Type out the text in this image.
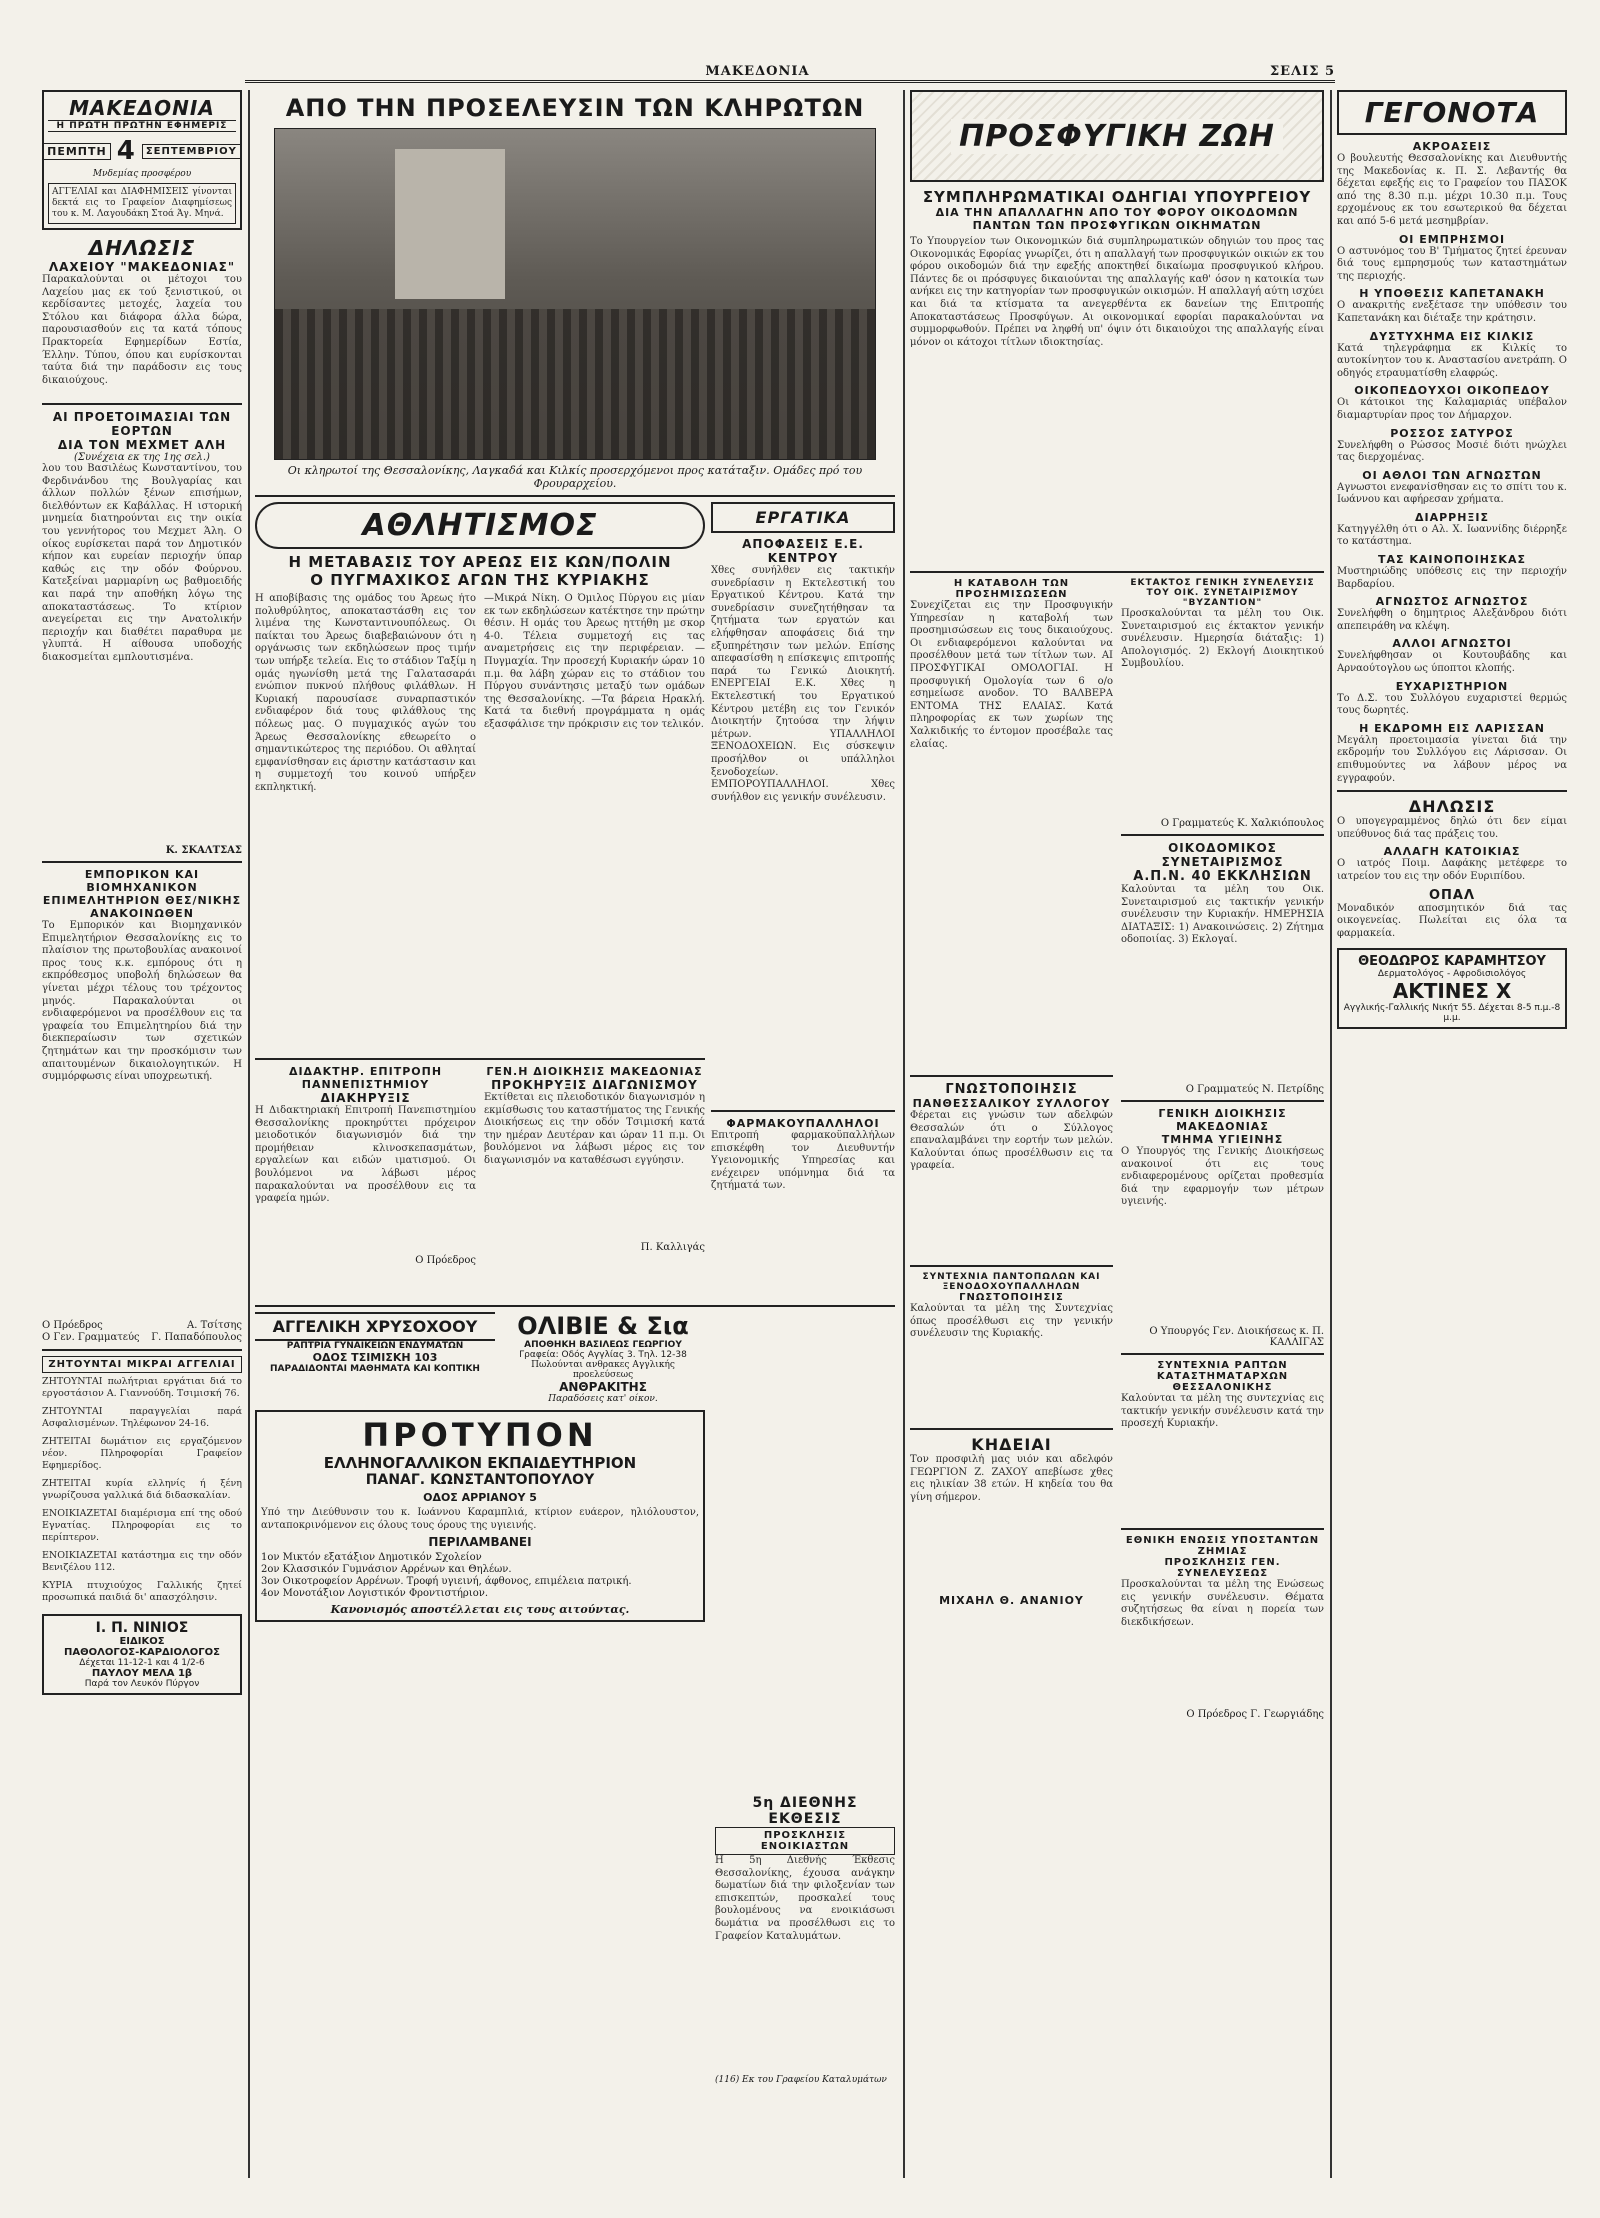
ΜΑΚΕΔΟΝΙΑ	ΣΕΛΙΣ 5
ΜΑΚΕΔΟΝΙΑ
Η ΠΡΩΤΗ ΠΡΩΤΗΝ ΕΦΗΜΕΡΙΣ
ΠΕΜΠΤΗ 4	ΣΕΠΤΕΜΒΡΙΟΥ
Μνδεμίας προσφέρου
ΑΓΓΕΛΙΑΙ και ΔΙΑΦΗΜΙΣΕΙΣ γίνονται δεκτά εις το Γραφείον Διαφημίσεως του κ. Μ. Λαγουδάκη Στοά Άγ. Μηνά.
ΔΗΛΩΣΙΣ
ΛΑΧΕΙΟΥ "ΜΑΚΕΔΟΝΙΑΣ"
Παρακαλούνται οι μέτοχοι του Λαχείου μας εκ τού ξενιστικού, οι κερδίσαντες μετοχές, λαχεία του Στόλου και διάφορα άλλα δώρα, παρουσιασθούν εις τα κατά τόπους Πρακτορεία Εφημερίδων Εστία, Έλλην. Τύπου, όπου και ευρίσκονται ταύτα διά την παράδοσιν εις τους δικαιούχους.
ΑΙ ΠΡΟΕΤΟΙΜΑΣΙΑΙ ΤΩΝ ΕΟΡΤΩΝ
ΔΙΑ ΤΟΝ ΜΕΧΜΕΤ ΑΛΗ
(Συνέχεια εκ της 1ης σελ.)
λου του Βασιλέως Κωνσταντίνου, του Φερδινάνδου της Βουλγαρίας και άλλων πολλών ξένων επισήμων, διελθόντων εκ Καβάλλας. Η ιστορική μνημεία διατηρούνται εις την οικία του γεννήτορος του Μεχμετ Άλη. Ο οίκος ευρίσκεται παρά τον Δημοτικόν κήπον και ευρείαν περιοχήν ύπαρ καθώς εις την οδόν Φούρνου. Κατεξείναι μαρμαρίνη ως βαθμοειδής και παρά την αποθήκη λόγω της αποκαταστάσεως. Το κτίριον ανεγείρεται εις την Ανατολικήν περιοχήν και διαθέτει παραθυρα με γλυπτά. Η αίθουσα υποδοχής διακοσμείται εμπλουτισμένα.
Κ. ΣΚΑΛΤΣΑΣ
ΕΜΠΟΡΙΚΟΝ ΚΑΙ ΒΙΟΜΗΧΑΝΙΚΟΝ
ΕΠΙΜΕΛΗΤΗΡΙΟΝ ΘΕΣ/ΝΙΚΗΣ
ΑΝΑΚΟΙΝΩΘΕΝ
Το Εμπορικόν και Βιομηχανικόν Επιμελητήριον Θεσσαλονίκης εις το πλαίσιον της πρωτοβουλίας ανακοινοί προς τους κ.κ. εμπόρους ότι η εκπρόθεσμος υποβολή δηλώσεων θα γίνεται μέχρι τέλους του τρέχοντος μηνός. Παρακαλούνται οι ενδιαφερόμενοι να προσέλθουν εις τα γραφεία του Επιμελητηρίου διά την διεκπεραίωσιν των σχετικών ζητημάτων και την προσκόμισιν των απαιτουμένων δικαιολογητικών. Η συμμόρφωσις είναι υποχρεωτική.
Ο Πρόεδρος	Α. Τσίτσης
Ο Γεν. Γραμματεύς Γ. Παπαδόπουλος
ΖΗΤΟΥΝΤΑΙ ΜΙΚΡΑΙ ΑΓΓΕΛΙΑΙ
ΖΗΤΟΥΝΤΑΙ πωλήτριαι εργάτιαι διά το εργοστάσιον Α. Γιαννούδη. Τσιμισκή 76.
ΖΗΤΟΥΝΤΑΙ παραγγελίαι παρά Ασφαλισμένων. Τηλέφωνον 24-16.
ΖΗΤΕΙΤΑΙ δωμάτιον εις εργαζόμενον νέον. Πληροφορίαι Γραφείον Εφημερίδος.
ΖΗΤΕΙΤΑΙ κυρία ελληνίς ή ξένη γνωρίζουσα γαλλικά διά διδασκαλίαν.
ΕΝΟΙΚΙΑΖΕΤΑΙ διαμέρισμα επί της οδού Εγνατίας. Πληροφορίαι εις το περίπτερον.
ΕΝΟΙΚΙΑΖΕΤΑΙ κατάστημα εις την οδόν Βενιζέλου 112.
ΚΥΡΙΑ πτυχιούχος Γαλλικής ζητεί προσωπικά παιδιά δι' απασχόλησιν.
Ι. Π. ΝΙΝΙΟΣ
ΕΙΔΙΚΟΣ
ΠΑΘΟΛΟΓΟΣ-ΚΑΡΔΙΟΛΟΓΟΣ
Δέχεται 11-12-1 και 4 1/2-6
ΠΑΥΛΟΥ ΜΕΛΑ 1β
Παρά τον Λευκόν Πύργον
ΑΠΟ ΤΗΝ ΠΡΟΣΕΛΕΥΣΙΝ ΤΩΝ ΚΛΗΡΩΤΩΝ
Οι κληρωτοί της Θεσσαλονίκης, Λαγκαδά και Κιλκίς προσερχόμενοι προς κατάταξιν. Ομάδες πρό του Φρουραρχείου.
ΑΘΛΗΤΙΣΜΟΣ
Η ΜΕΤΑΒΑΣΙΣ ΤΟΥ ΑΡΕΩΣ ΕΙΣ ΚΩΝ/ΠΟΛΙΝ
Ο ΠΥΓΜΑΧΙΚΟΣ ΑΓΩΝ ΤΗΣ ΚΥΡΙΑΚΗΣ
Η αποβίβασις της ομάδος του Άρεως ήτο πολυθρύλητος, αποκαταστάσθη εις τον λιμένα της Κωνσταντινουπόλεως. Οι παίκται του Άρεως διαβεβαιώνουν ότι η οργάνωσις των εκδηλώσεων προς τιμήν των υπήρξε τελεία. Εις το στάδιον Ταξίμ η ομάς ηγωνίσθη μετά της Γαλατασαράι ενώπιον πυκνού πλήθους φιλάθλων. Η Κυριακή παρουσίασε συναρπαστικόν ενδιαφέρον διά τους φιλάθλους της πόλεως μας. Ο πυγμαχικός αγών του Άρεως Θεσσαλονίκης εθεωρείτο ο σημαντικώτερος της περιόδου. Οι αθληταί εμφανίσθησαν εις άριστην κατάστασιν και η συμμετοχή του κοινού υπήρξεν εκπληκτική.
—Μικρά Νίκη. Ο Όμιλος Πύργου εις μίαν εκ των εκδηλώσεων κατέκτησε την πρώτην θέσιν. Η ομάς του Άρεως ηττήθη με σκορ 4-0. Τέλεια συμμετοχή εις τας αναμετρήσεις εις την περιφέρειαν. —Πυγμαχία. Την προσεχή Κυριακήν ώραν 10 π.μ. θα λάβη χώραν εις το στάδιον του Πύργου συνάντησις μεταξύ των ομάδων της Θεσσαλονίκης. —Τα βάρεια Ηρακλή. Κατά τα διεθνή προγράμματα η ομάς εξασφάλισε την πρόκρισιν εις τον τελικόν.
ΔΙΔΑΚΤΗΡ. ΕΠΙΤΡΟΠΗ ΠΑΝΝΕΠΙΣΤΗΜΙΟΥ
ΔΙΑΚΗΡΥΞΙΣ
Η Διδακτηριακή Επιτροπή Πανεπιστημίου Θεσσαλονίκης προκηρύττει πρόχειρον μειοδοτικόν διαγωνισμόν διά την προμήθειαν κλινοσκεπασμάτων, εργαλείων και ειδών ιματισμού. Οι βουλόμενοι να λάβωσι μέρος παρακαλούνται να προσέλθουν εις τα γραφεία ημών.
Ο Πρόεδρος
ΓΕΝ.Η ΔΙΟΙΚΗΣΙΣ ΜΑΚΕΔΟΝΙΑΣ
ΠΡΟΚΗΡΥΞΙΣ ΔΙΑΓΩΝΙΣΜΟΥ
Εκτίθεται εις πλειοδοτικόν διαγωνισμόν η εκμίσθωσις του καταστήματος της Γενικής Διοικήσεως εις την οδόν Τσιμισκή κατά την ημέραν Δευτέραν και ώραν 11 π.μ. Οι βουλόμενοι να λάβωσι μέρος εις τον διαγωνισμόν να καταθέσωσι εγγύησιν.
Π. Καλλιγάς
ΕΡΓΑΤΙΚΑ
ΑΠΟΦΑΣΕΙΣ Ε.Ε. ΚΕΝΤΡΟΥ
Χθες συνήλθεν εις τακτικήν συνεδρίασιν η Εκτελεστική του Εργατικού Κέντρου. Κατά την συνεδρίασιν συνεζητήθησαν τα ζητήματα των εργατών και ελήφθησαν αποφάσεις διά την εξυπηρέτησιν των μελών. Επίσης απεφασίσθη η επίσκεψις επιτροπής παρά τω Γενικώ Διοικητή. ΕΝΕΡΓΕΙΑΙ Ε.Κ. Χθες η Εκτελεστική του Εργατικού Κέντρου μετέβη εις τον Γενικόν Διοικητήν ζητούσα την λήψιν μέτρων. ΥΠΑΛΛΗΛΟΙ ΞΕΝΟΔΟΧΕΙΩΝ. Εις σύσκεψιν προσήλθον οι υπάλληλοι ξενοδοχείων. ΕΜΠΟΡΟΥΠΑΛΛΗΛΟΙ. Χθες συνήλθον εις γενικήν συνέλευσιν.
ΦΑΡΜΑΚΟΥΠΑΛΛΗΛΟΙ
Επιτροπή φαρμακοϋπαλλήλων επισκέφθη τον Διευθυντήν Υγειονομικής Υπηρεσίας και ενέχειρεν υπόμνημα διά τα ζητήματά των.
ΑΓΓΕΛΙΚΗ ΧΡΥΣΟΧΟΟΥ
ΡΑΠΤΡΙΑ ΓΥΝΑΙΚΕΙΩΝ ΕΝΔΥΜΑΤΩΝ
ΟΔΟΣ ΤΣΙΜΙΣΚΗ 103
ΠΑΡΑΔΙΔΟΝΤΑΙ ΜΑΘΗΜΑΤΑ ΚΑΙ ΚΟΠΤΙΚΗ
ΟΛΙΒΙΕ & Σια
ΑΠΟΘΗΚΗ ΒΑΣΙΛΕΩΣ ΓΕΩΡΓΙΟΥ
Γραφεία: Οδός Αγγλίας 3. Τηλ. 12-38
Πωλούνται ανθρακες Αγγλικής προελεύσεως
ΑΝΘΡΑΚΙΤΗΣ
Παραδόσεις κατ' οίκον.
ΠΡΟΤΥΠΟΝ
ΕΛΛΗΝΟΓΑΛΛΙΚΟΝ ΕΚΠΑΙΔΕΥΤΗΡΙΟΝ
ΠΑΝΑΓ. ΚΩΝΣΤΑΝΤΟΠΟΥΛΟΥ
ΟΔΟΣ ΑΡΡΙΑΝΟΥ 5
Υπό την Διεύθυνσιν του κ. Ιωάννου Καραμπλιά, κτίριον ευάερον, ηλιόλουστον, ανταποκρινόμενον εις όλους τους όρους της υγιεινής.
ΠΕΡΙΛΑΜΒΑΝΕΙ
1ον Μικτόν εξατάξιον Δημοτικόν Σχολείον
2ον Κλασσικόν Γυμνάσιον Αρρένων και Θηλέων.
3ον Οικοτροφείον Αρρένων. Τροφή υγιεινή, άφθονος, επιμέλεια πατρική.
4ον Μονοτάξιον Λογιστικόν Φροντιστήριον.
Κανονισμός αποστέλλεται εις τους αιτούντας.
5η ΔΙΕΘΝΗΣ ΕΚΘΕΣΙΣ
ΠΡΟΣΚΛΗΣΙΣ ΕΝΟΙΚΙΑΣΤΩΝ
Η 5η Διεθνής Έκθεσις Θεσσαλονίκης, έχουσα ανάγκην δωματίων διά την φιλοξενίαν των επισκεπτών, προσκαλεί τους βουλομένους να ενοικιάσωσι δωμάτια να προσέλθωσι εις το Γραφείον Καταλυμάτων.
(116) Εκ του Γραφείου Καταλυμάτων
ΠΡΟΣΦΥΓΙΚΗ ΖΩΗ
ΣΥΜΠΛΗΡΩΜΑΤΙΚΑΙ ΟΔΗΓΙΑΙ ΥΠΟΥΡΓΕΙΟΥ
ΔΙΑ ΤΗΝ ΑΠΑΛΛΑΓΗΝ ΑΠΟ ΤΟΥ ΦΟΡΟΥ ΟΙΚΟΔΟΜΩΝ ΠΑΝΤΩΝ ΤΩΝ ΠΡΟΣΦΥΓΙΚΩΝ ΟΙΚΗΜΑΤΩΝ
Το Υπουργείον των Οικονομικών διά συμπληρωματικών οδηγιών του προς τας Οικονομικάς Εφορίας γνωρίζει, ότι η απαλλαγή των προσφυγικών οικιών εκ του φόρου οικοδομών διά την εφεξής αποκτηθεί δικαίωμα προσφυγικού κλήρου. Πάντες δε οι πρόσφυγες δικαιούνται της απαλλαγής καθ' όσον η κατοικία των ανήκει εις την κατηγορίαν των προσφυγικών οικισμών. Η απαλλαγή αύτη ισχύει και διά τα κτίσματα τα ανεγερθέντα εκ δανείων της Επιτροπής Αποκαταστάσεως Προσφύγων. Αι οικονομικαί εφορίαι παρακαλούνται να συμμορφωθούν. Πρέπει να ληφθή υπ' όψιν ότι δικαιούχοι της απαλλαγής είναι μόνον οι κάτοχοι τίτλων ιδιοκτησίας.
Η ΚΑΤΑΒΟΛΗ ΤΩΝ ΠΡΟΣΗΜΙΣΩΣΕΩΝ
Συνεχίζεται εις την Προσφυγικήν Υπηρεσίαν η καταβολή των προσημισώσεων εις τους δικαιούχους. Οι ενδιαφερόμενοι καλούνται να προσέλθουν μετά των τίτλων των. ΑΙ ΠΡΟΣΦΥΓΙΚΑΙ ΟΜΟΛΟΓΙΑΙ. Η προσφυγική Ομολογία των 6 ο/ο εσημείωσε ανοδον. ΤΟ ΒΑΛΒΕΡΑ ΕΝΤΟΜΑ ΤΗΣ ΕΛΑΙΑΣ. Κατά πληροφορίας εκ των χωρίων της Χαλκιδικής το έντομον προσέβαλε τας ελαίας.
ΓΝΩΣΤΟΠΟΙΗΣΙΣ
ΠΑΝΘΕΣΣΑΛΙΚΟΥ ΣΥΛΛΟΓΟΥ
Φέρεται εις γνώσιν των αδελφών Θεσσαλών ότι ο Σύλλογος επαναλαμβάνει την εορτήν των μελών. Καλούνται όπως προσέλθωσιν εις τα γραφεία.
ΣΥΝΤΕΧΝΙΑ ΠΑΝΤΟΠΩΛΩΝ ΚΑΙ ΞΕΝΟΔΟΧΟΥΠΑΛΛΗΛΩΝ
ΓΝΩΣΤΟΠΟΙΗΣΙΣ
Καλούνται τα μέλη της Συντεχνίας όπως προσέλθωσι εις την γενικήν συνέλευσιν της Κυριακής.
ΚΗΔΕΙΑΙ
Τον προσφιλή μας υιόν και αδελφόν ΓΕΩΡΓΙΟΝ Ζ. ΖΑΧΟΥ απεβίωσε χθες εις ηλικίαν 38 ετών. Η κηδεία του θα γίνη σήμερον.
ΜΙΧΑΗΛ Θ. ΑΝΑΝΙΟΥ
ΕΚΤΑΚΤΟΣ ΓΕΝΙΚΗ ΣΥΝΕΛΕΥΣΙΣ
ΤΟΥ ΟΙΚ. ΣΥΝΕΤΑΙΡΙΣΜΟΥ "ΒΥΖΑΝΤΙΟΝ"
Προσκαλούνται τα μέλη του Οικ. Συνεταιρισμού εις έκτακτον γενικήν συνέλευσιν. Ημερησία διάταξις: 1) Απολογισμός. 2) Εκλογή Διοικητικού Συμβουλίου.
Ο Γραμματεύς Κ. Χαλκιόπουλος
ΟΙΚΟΔΟΜΙΚΟΣ ΣΥΝΕΤΑΙΡΙΣΜΟΣ
Α.Π.Ν. 40 ΕΚΚΛΗΣΙΩΝ
Καλούνται τα μέλη του Οικ. Συνεταιρισμού εις τακτικήν γενικήν συνέλευσιν την Κυριακήν. ΗΜΕΡΗΣΙΑ ΔΙΑΤΑΞΙΣ: 1) Ανακοινώσεις. 2) Ζήτημα οδοποιίας. 3) Εκλογαί.
Ο Γραμματεύς Ν. Πετρίδης
ΓΕΝΙΚΗ ΔΙΟΙΚΗΣΙΣ ΜΑΚΕΔΟΝΙΑΣ
ΤΜΗΜΑ ΥΓΙΕΙΝΗΣ
Ο Υπουργός της Γενικής Διοικήσεως ανακοινοί ότι εις τους ενδιαφερομένους ορίζεται προθεσμία διά την εφαρμογήν των μέτρων υγιεινής.
Ο Υπουργός Γεν. Διοικήσεως κ. Π. ΚΑΛΛΙΓΑΣ
ΣΥΝΤΕΧΝΙΑ ΡΑΠΤΩΝ ΚΑΤΑΣΤΗΜΑΤΑΡΧΩΝ
ΘΕΣΣΑΛΟΝΙΚΗΣ
Καλούνται τα μέλη της συντεχνίας εις τακτικήν γενικήν συνέλευσιν κατά την προσεχή Κυριακήν.
ΕΘΝΙΚΗ ΕΝΩΣΙΣ ΥΠΟΣΤΑΝΤΩΝ ΖΗΜΙΑΣ
ΠΡΟΣΚΛΗΣΙΣ ΓΕΝ. ΣΥΝΕΛΕΥΣΕΩΣ
Προσκαλούνται τα μέλη της Ενώσεως εις γενικήν συνέλευσιν. Θέματα συζητήσεως θα είναι η πορεία των διεκδικήσεων.
Ο Πρόεδρος Γ. Γεωργιάδης
ΓΕΓΟΝΟΤΑ
ΑΚΡΟΑΣΕΙΣ
Ο βουλευτής Θεσσαλονίκης και Διευθυντής της Μακεδονίας κ. Π. Σ. Λεβαντής θα δέχεται εφεξής εις το Γραφείον του ΠΑΣΟΚ από της 8.30 π.μ. μέχρι 10.30 π.μ. Τους ερχομένους εκ του εσωτερικού θα δέχεται και από 5-6 μετά μεσημβρίαν.
ΟΙ ΕΜΠΡΗΣΜΟΙ
Ο αστυνόμος του Β' Τμήματος ζητεί έρευναν διά τους εμπρησμούς των καταστημάτων της περιοχής.
Η ΥΠΟΘΕΣΙΣ ΚΑΠΕΤΑΝΑΚΗ
Ο ανακριτής ενεξέτασε την υπόθεσιν του Καπετανάκη και διέταξε την κράτησιν.
ΔΥΣΤΥΧΗΜΑ ΕΙΣ ΚΙΛΚΙΣ
Κατά τηλεγράφημα εκ Κιλκίς το αυτοκίνητον του κ. Αναστασίου ανετράπη. Ο οδηγός ετραυματίσθη ελαφρώς.
ΟΙΚΟΠΕΔΟΥΧΟΙ ΟΙΚΟΠΕΔΟΥ
Οι κάτοικοι της Καλαμαριάς υπέβαλον διαμαρτυρίαν προς τον Δήμαρχον.
ΡΟΣΣΟΣ ΣΑΤΥΡΟΣ
Συνελήφθη ο Ρώσσος Μοσιέ διότι ηνώχλει τας διερχομένας.
ΟΙ ΑΘΛΟΙ ΤΩΝ ΑΓΝΩΣΤΩΝ
Αγνωστοι ενεφανίσθησαν εις το σπίτι του κ. Ιωάννου και αφήρεσαν χρήματα.
ΔΙΑΡΡΗΞΙΣ
Κατηγγέλθη ότι ο Αλ. Χ. Ιωαννίδης διέρρηξε το κατάστημα.
ΤΑΣ ΚΑΙΝΟΠΟΙΗΣΚΑΣ
Μυστηριώδης υπόθεσις εις την περιοχήν Βαρδαρίου.
ΑΓΝΩΣΤΟΣ ΑΓΝΩΣΤΟΣ
Συνελήφθη ο δημητριος Αλεξάνδρου διότι απεπειράθη να κλέψη.
ΑΛΛΟΙ ΑΓΝΩΣΤΟΙ
Συνελήφθησαν οι Κουτουβάδης και Αρναούτογλου ως ύποπτοι κλοπής.
ΕΥΧΑΡΙΣΤΗΡΙΟΝ
Το Δ.Σ. του Συλλόγου ευχαριστεί θερμώς τους δωρητές.
Η ΕΚΔΡΟΜΗ ΕΙΣ ΛΑΡΙΣΣΑΝ
Μεγάλη προετοιμασία γίνεται διά την εκδρομήν του Συλλόγου εις Λάρισσαν. Οι επιθυμούντες να λάβουν μέρος να εγγραφούν.
ΔΗΛΩΣΙΣ
Ο υπογεγραμμένος δηλώ ότι δεν είμαι υπεύθυνος διά τας πράξεις του.
ΑΛΛΑΓΗ ΚΑΤΟΙΚΙΑΣ
Ο ιατρός Ποιμ. Δαφάκης μετέφερε το ιατρείον του εις την οδόν Ευριπίδου.
ΟΠΑΛ
Μοναδικόν αποσμητικόν διά τας οικογενείας. Πωλείται εις όλα τα φαρμακεία.
ΘΕΟΔΩΡΟΣ ΚΑΡΑΜΗΤΣΟΥ
Δερματολόγος - Αφροδισιολόγος
ΑΚΤΙΝΕΣ Χ
Αγγλικής-Γαλλικής Νικήτ 55. Δέχεται 8-5 π.μ.-8 μ.μ.
